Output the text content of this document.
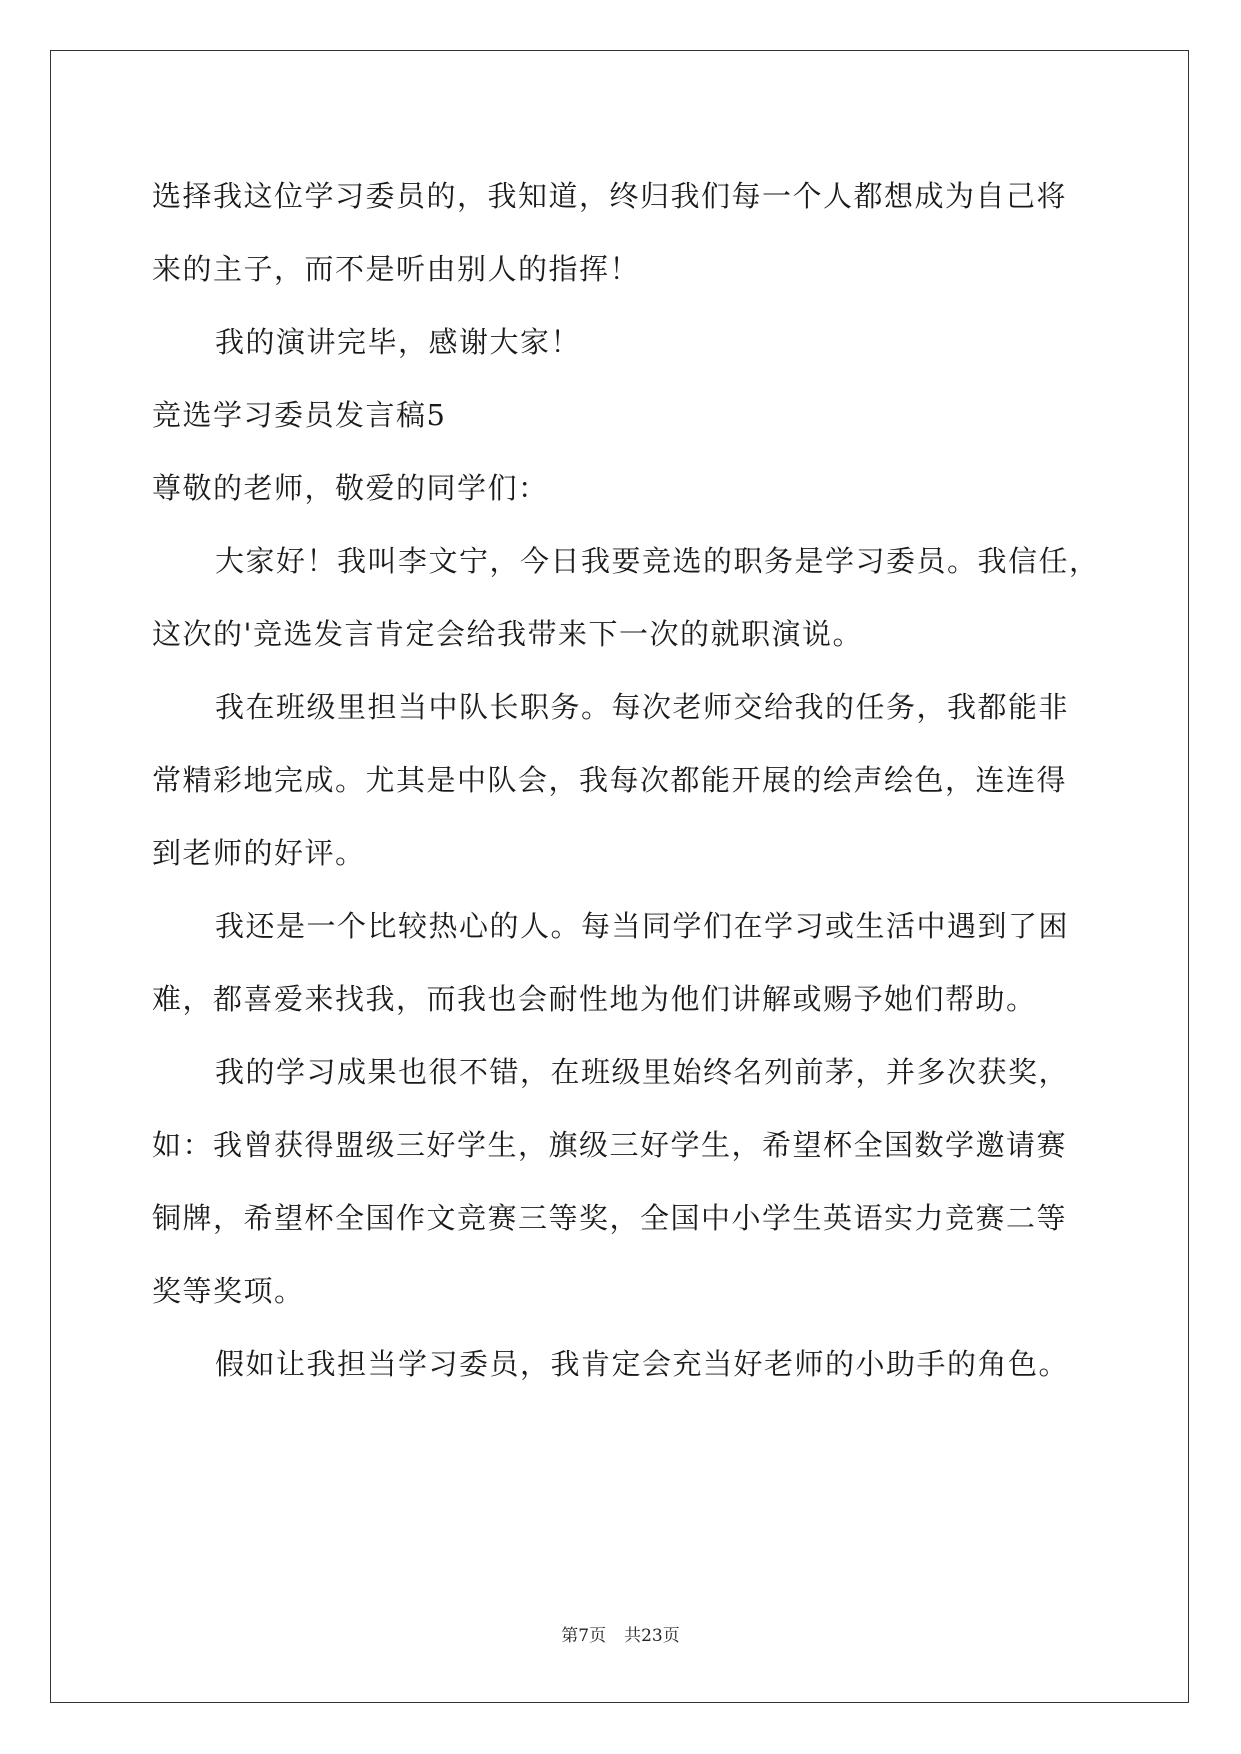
选择我这位学习委员的，我知道，终归我们每一个人都想成为自己将
来的主子，而不是听由别人的指挥！
我的演讲完毕，感谢大家！
竞选学习委员发言稿5
尊敬的老师，敬爱的同学们：
大家好！我叫李文宁，今日我要竞选的职务是学习委员。我信任，
这次的'竞选发言肯定会给我带来下一次的就职演说。
我在班级里担当中队长职务。每次老师交给我的任务，我都能非
常精彩地完成。尤其是中队会，我每次都能开展的绘声绘色，连连得
到老师的好评。
我还是一个比较热心的人。每当同学们在学习或生活中遇到了困
难，都喜爱来找我，而我也会耐性地为他们讲解或赐予她们帮助。
我的学习成果也很不错，在班级里始终名列前茅，并多次获奖，
如：我曾获得盟级三好学生，旗级三好学生，希望杯全国数学邀请赛
铜牌，希望杯全国作文竞赛三等奖，全国中小学生英语实力竞赛二等
奖等奖项。
假如让我担当学习委员，我肯定会充当好老师的小助手的角色。
第7页 共23页
